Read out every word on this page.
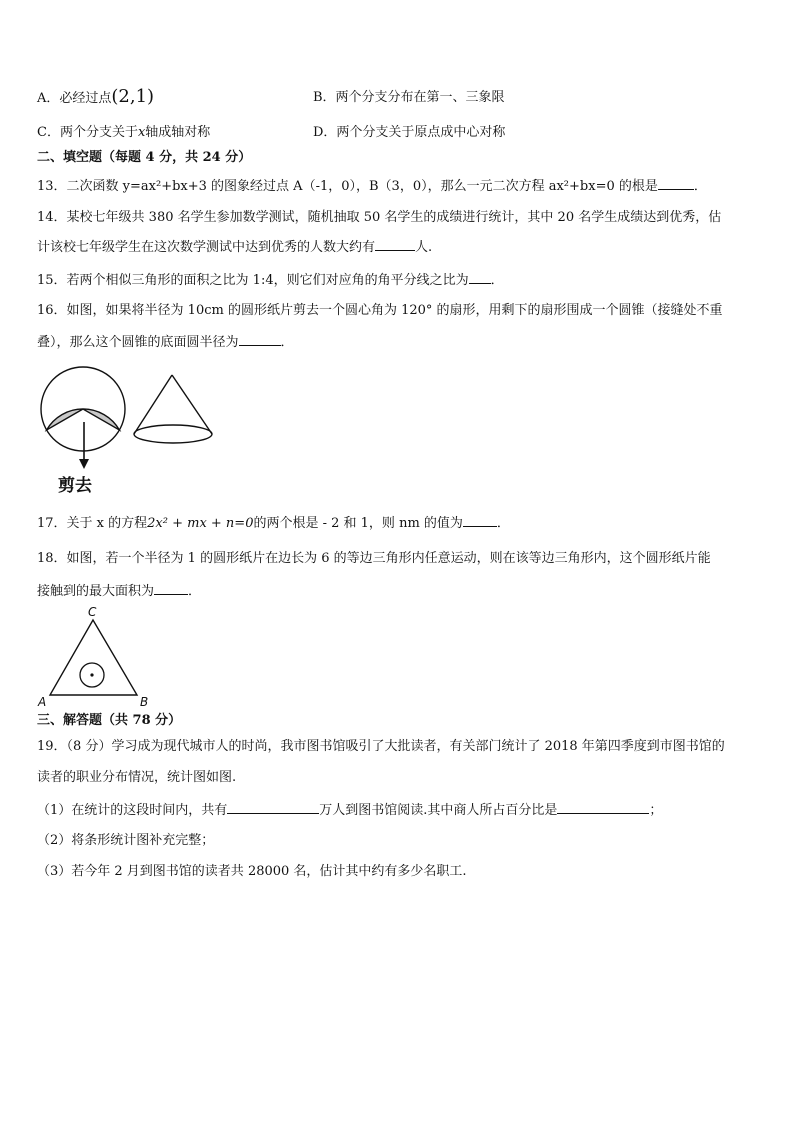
A．必经过点(2,1)	B．两个分支分布在第一、三象限
C．两个分支关于x轴成轴对称	D．两个分支关于原点成中心对称
二、填空题（每题 4 分，共 24 分）
13．二次函数 y=ax²+bx+3 的图象经过点 A（-1，0），B（3，0），那么一元二次方程 ax²+bx=0 的根是	．
14．某校七年级共 380 名学生参加数学测试，随机抽取 50 名学生的成绩进行统计，其中 20 名学生成绩达到优秀，估
计该校七年级学生在这次数学测试中达到优秀的人数大约有	人.
15．若两个相似三角形的面积之比为 1:4，则它们对应角的角平分线之比为 ．
16．如图，如果将半径为 10cm 的圆形纸片剪去一个圆心角为 120° 的扇形，用剩下的扇形围成一个圆锥（接缝处不重
叠），那么这个圆锥的底面圆半径为	．
剪去
17．关于 x 的方程2x² + mx + n=0的两个根是 - 2 和 1，则 nm 的值为	．
18．如图，若一个半径为 1 的圆形纸片在边长为 6 的等边三角形内任意运动，则在该等边三角形内，这个圆形纸片能
接触到的最大面积为	．
C
A	B
三、解答题（共 78 分）
19．（8 分）学习成为现代城市人的时尚，我市图书馆吸引了大批读者，有关部门统计了 2018 年第四季度到市图书馆的
读者的职业分布情况，统计图如图.
（1）在统计的这段时间内，共有	万人到图书馆阅读.其中商人所占百分比是	；
（2）将条形统计图补充完整；
（3）若今年 2 月到图书馆的读者共 28000 名，估计其中约有多少名职工.
